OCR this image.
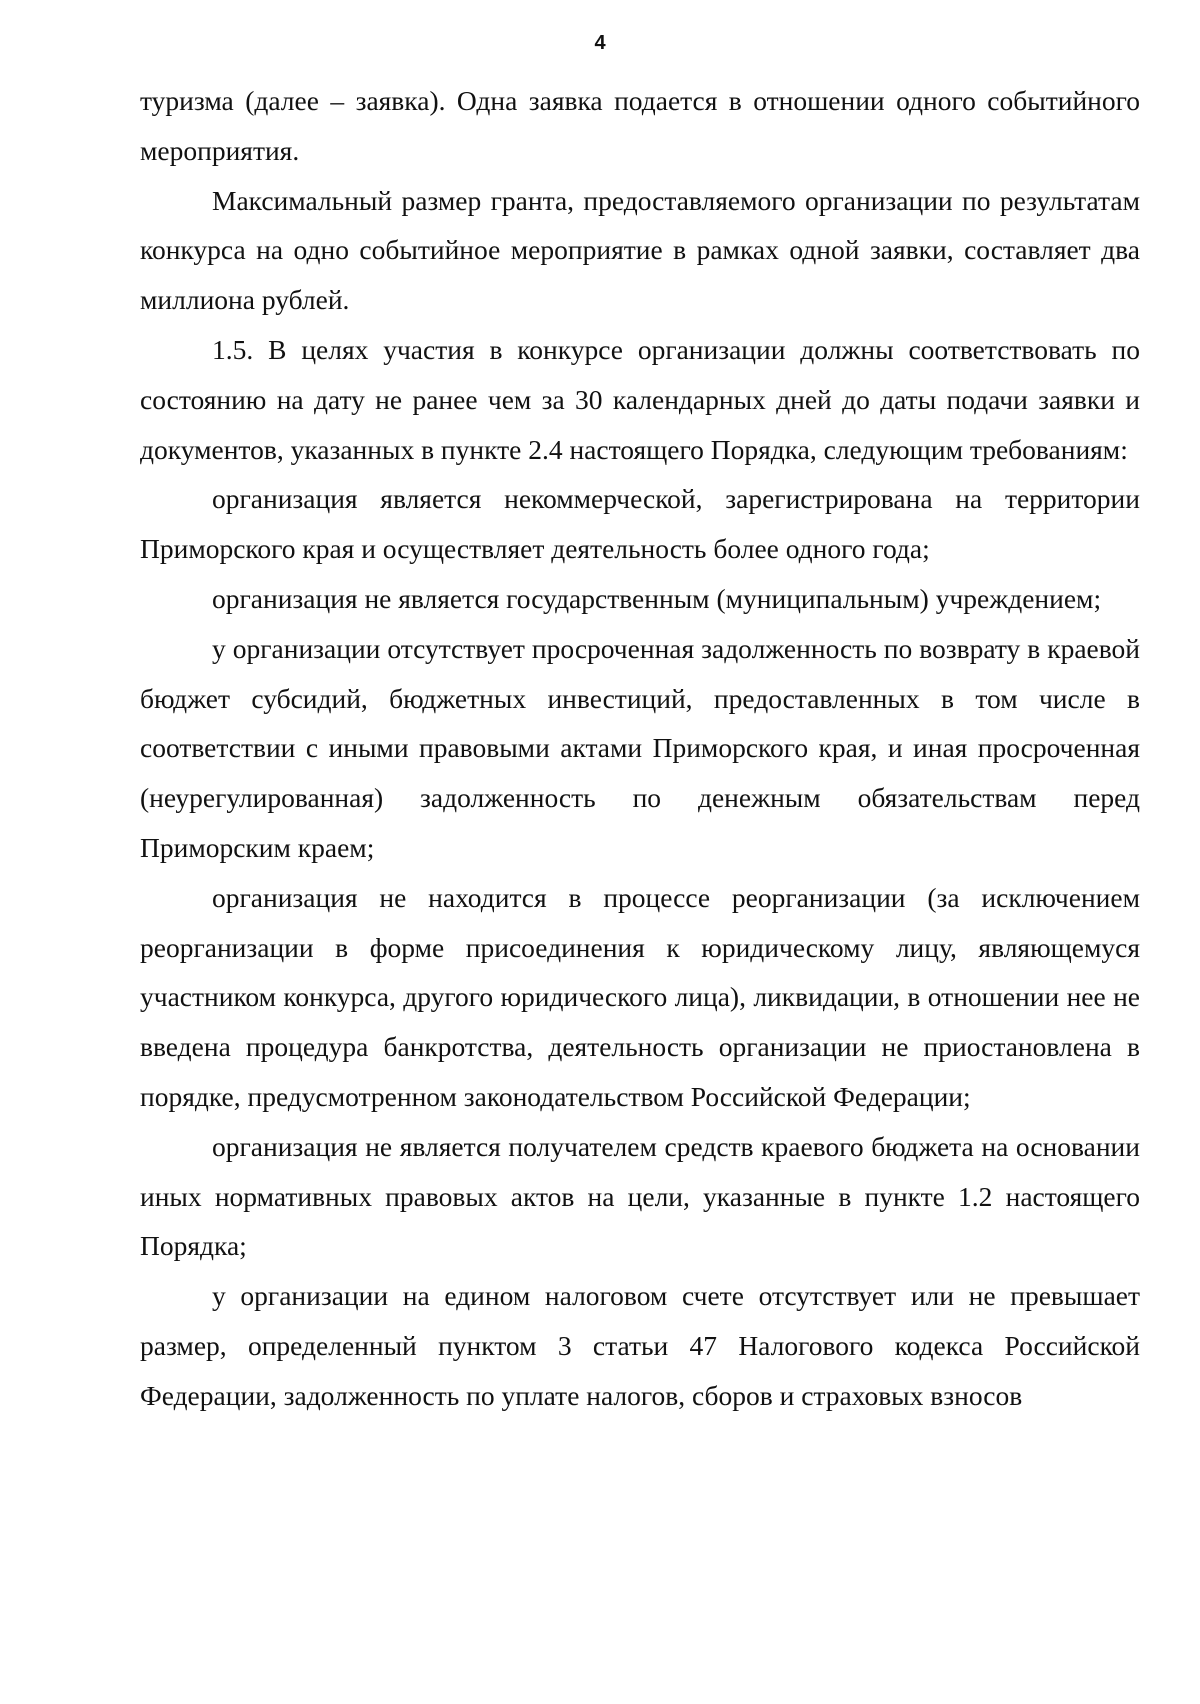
4

туризма (далее – заявка). Одна заявка подается в отношении одного событийного мероприятия.

Максимальный размер гранта, предоставляемого организации по результатам конкурса на одно событийное мероприятие в рамках одной заявки, составляет два миллиона рублей.

1.5. В целях участия в конкурсе организации должны соответствовать по состоянию на дату не ранее чем за 30 календарных дней до даты подачи заявки и документов, указанных в пункте 2.4 настоящего Порядка, следующим требованиям:

организация является некоммерческой, зарегистрирована на территории Приморского края и осуществляет деятельность более одного года;

организация не является государственным (муниципальным) учреждением;

у организации отсутствует просроченная задолженность по возврату в краевой бюджет субсидий, бюджетных инвестиций, предоставленных в том числе в соответствии с иными правовыми актами Приморского края, и иная просроченная (неурегулированная) задолженность по денежным обязательствам перед Приморским краем;

организация не находится в процессе реорганизации (за исключением реорганизации в форме присоединения к юридическому лицу, являющемуся участником конкурса, другого юридического лица), ликвидации, в отношении нее не введена процедура банкротства, деятельность организации не приостановлена в порядке, предусмотренном законодательством Российской Федерации;

организация не является получателем средств краевого бюджета на основании иных нормативных правовых актов на цели, указанные в пункте 1.2 настоящего Порядка;

у организации на едином налоговом счете отсутствует или не превышает размер, определенный пунктом 3 статьи 47 Налогового кодекса Российской Федерации, задолженность по уплате налогов, сборов и страховых взносов
